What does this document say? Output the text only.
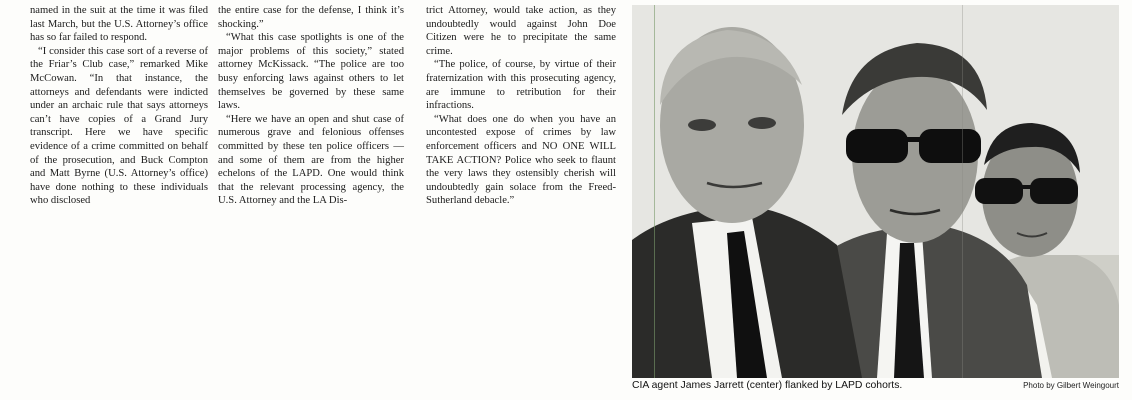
named in the suit at the time it was filed last March, but the U.S. Attorney’s office has so far failed to respond.

“I consider this case sort of a reverse of the Friar’s Club case,” remarked Mike McCowan. “In that instance, the attorneys and defendants were indicted under an archaic rule that says attorneys can’t have copies of a Grand Jury transcript. Here we have specific evidence of a crime committed on behalf of the prosecution, and Buck Compton and Matt Byrne (U.S. Attorney’s office) have done nothing to these individuals who disclosed

the entire case for the defense, I think it’s shocking.”

“What this case spotlights is one of the major problems of this society,” stated attorney McKissack. “The police are too busy enforcing laws against others to let themselves be governed by these same laws.

“Here we have an open and shut case of numerous grave and felonious offenses committed by these ten police officers — and some of them are from the higher echelons of the LAPD. One would think that the relevant processing agency, the U.S. Attorney and the LA Dis-

trict Attorney, would take action, as they undoubtedly would against John Doe Citizen were he to precipitate the same crime.

“The police, of course, by virtue of their fraternization with this prosecuting agency, are immune to retribution for their infractions.

“What does one do when you have an uncontested expose of crimes by law enforcement officers and NO ONE WILL TAKE ACTION? Police who seek to flaunt the very laws they ostensibly cherish will undoubtedly gain solace from the Freed-Sutherland debacle.”

CIA agent James Jarrett (center) flanked by LAPD cohorts.	Photo by Gilbert Weingourt
